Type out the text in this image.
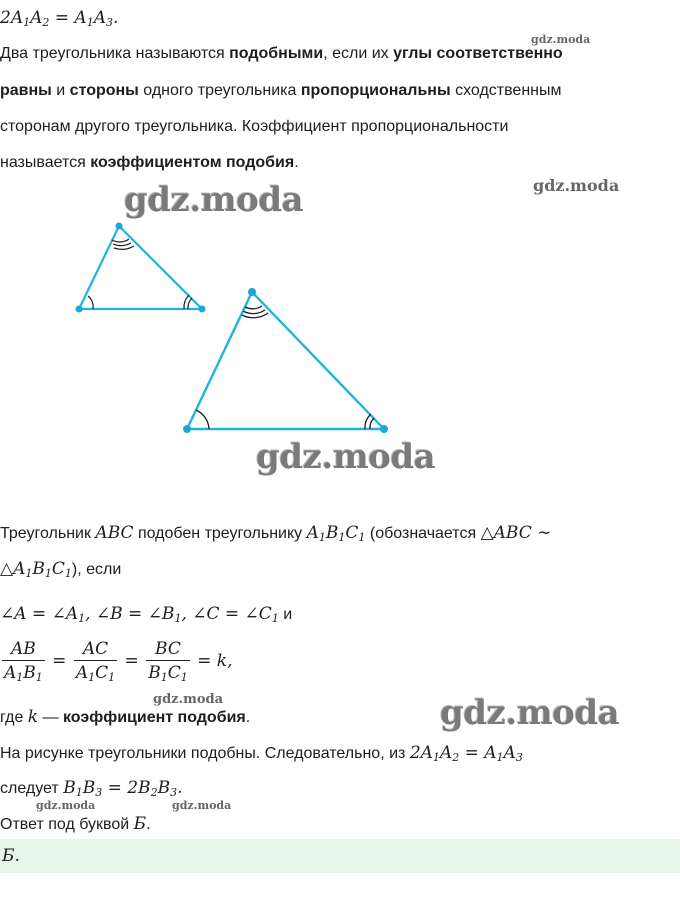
$2A_1A_2 = A_1A_3$.
Два треугольника называются подобными, если их углы соответственно
равны и стороны одного треугольника пропорциональны сходственным
сторонам другого треугольника. Коэффициент пропорциональности
называется коэффициентом подобия.
Треугольник ABC подобен треугольнику $A_1B_1C_1$ (обозначается △ABC ∼
$\triangle A_1B_1C_1$), если
∠A = $\angle A_1$, ∠B = $\angle B_1$, ∠C = $\angle C_1$ и
$\frac{AB}{A_1B_1} = \frac{AC}{A_1C_1} = \frac{BC}{B_1C_1} = k$,
где k — коэффициент подобия.
На рисунке треугольники подобны. Следовательно, из $2A_1A_2 = A_1A_3$
следует $B_1B_3 = 2B_2B_3$.
Ответ под буквой Б.
Б.
gdz.moda
gdz.moda
gdz.moda
gdz.moda
gdz.moda	gdz.moda
gdz.moda	gdz.moda
